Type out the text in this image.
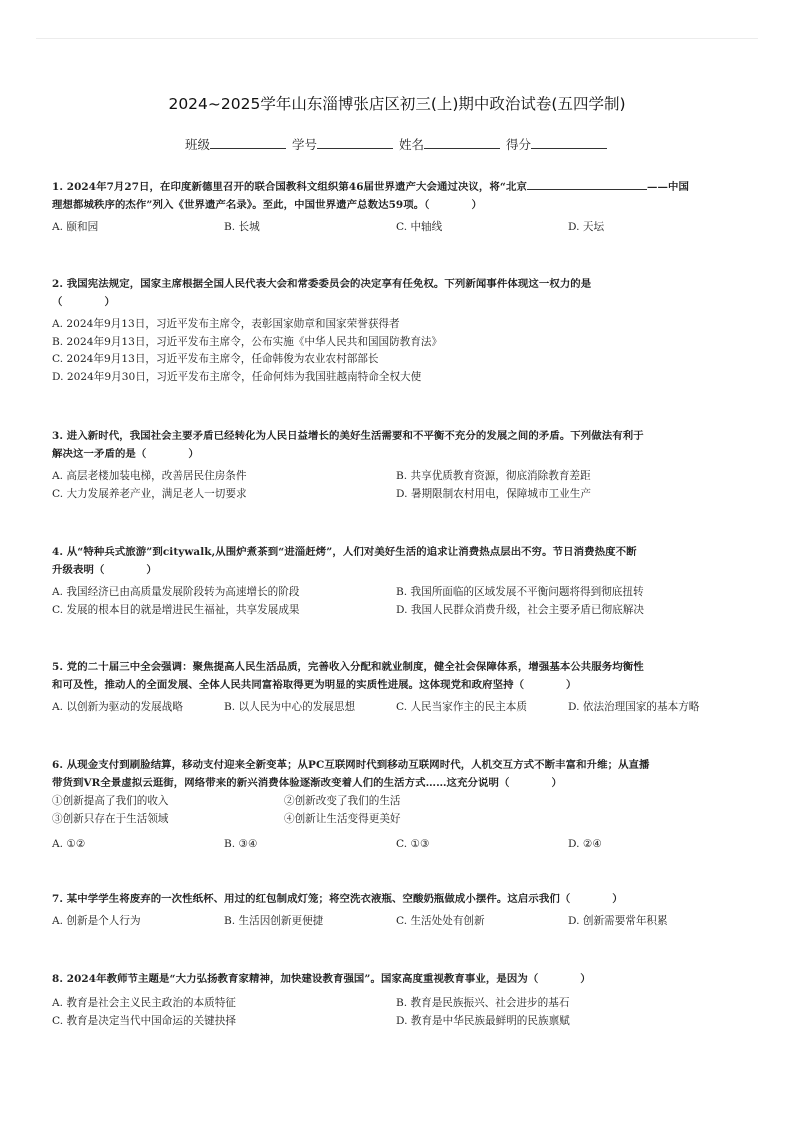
2024~2025学年山东淄博张店区初三(上)期中政治试卷(五四学制)
班级	学号	姓名	得分
1. 2024年7月27日，在印度新德里召开的联合国教科文组织第46届世界遗产大会通过决议，将“北京	——中国
理想都城秩序的杰作”列入《世界遗产名录》。至此，中国世界遗产总数达59项。（　　　　）
A. 颐和园	B. 长城	C. 中轴线	D. 天坛
2. 我国宪法规定，国家主席根据全国人民代表大会和常委委员会的决定享有任免权。下列新闻事件体现这一权力的是
（　　　　）
A. 2024年9月13日，习近平发布主席令，表彰国家勋章和国家荣誉获得者
B. 2024年9月13日，习近平发布主席令，公布实施《中华人民共和国国防教育法》
C. 2024年9月13日，习近平发布主席令，任命韩俊为农业农村部部长
D. 2024年9月30日，习近平发布主席令，任命何炜为我国驻越南特命全权大使
3. 进入新时代，我国社会主要矛盾已经转化为人民日益增长的美好生活需要和不平衡不充分的发展之间的矛盾。下列做法有利于
解决这一矛盾的是（　　　　）
A. 高层老楼加装电梯，改善居民住房条件	B. 共享优质教育资源，彻底消除教育差距
C. 大力发展养老产业，满足老人一切要求	D. 暑期限制农村用电，保障城市工业生产
4. 从“特种兵式旅游”到citywalk,从围炉煮茶到“进淄赶烤”，人们对美好生活的追求让消费热点层出不穷。节日消费热度不断
升级表明（　　　　）
A. 我国经济已由高质量发展阶段转为高速增长的阶段	B. 我国所面临的区域发展不平衡问题将得到彻底扭转
C. 发展的根本目的就是增进民生福祉，共享发展成果	D. 我国人民群众消费升级，社会主要矛盾已彻底解决
5. 党的二十届三中全会强调：聚焦提高人民生活品质，完善收入分配和就业制度，健全社会保障体系，增强基本公共服务均衡性
和可及性，推动人的全面发展、全体人民共同富裕取得更为明显的实质性进展。这体现党和政府坚持（　　　　）
A. 以创新为驱动的发展战略	B. 以人民为中心的发展思想	C. 人民当家作主的民主本质	D. 依法治理国家的基本方略
6. 从现金支付到刷脸结算，移动支付迎来全新变革；从PC互联网时代到移动互联网时代，人机交互方式不断丰富和升维；从直播
带货到VR全景虚拟云逛街，网络带来的新兴消费体验逐渐改变着人们的生活方式……这充分说明（　　　　）
①创新提高了我们的收入	②创新改变了我们的生活
③创新只存在于生活领域	④创新让生活变得更美好
A. ①②	B. ③④	C. ①③	D. ②④
7. 某中学学生将废弃的一次性纸杯、用过的红包制成灯笼；将空洗衣液瓶、空酸奶瓶做成小摆件。这启示我们（　　　　）
A. 创新是个人行为	B. 生活因创新更便捷	C. 生活处处有创新	D. 创新需要常年积累
8. 2024年教师节主题是“大力弘扬教育家精神，加快建设教育强国”。国家高度重视教育事业，是因为（　　　　）
A. 教育是社会主义民主政治的本质特征	B. 教育是民族振兴、社会进步的基石
C. 教育是决定当代中国命运的关键抉择	D. 教育是中华民族最鲜明的民族禀赋
